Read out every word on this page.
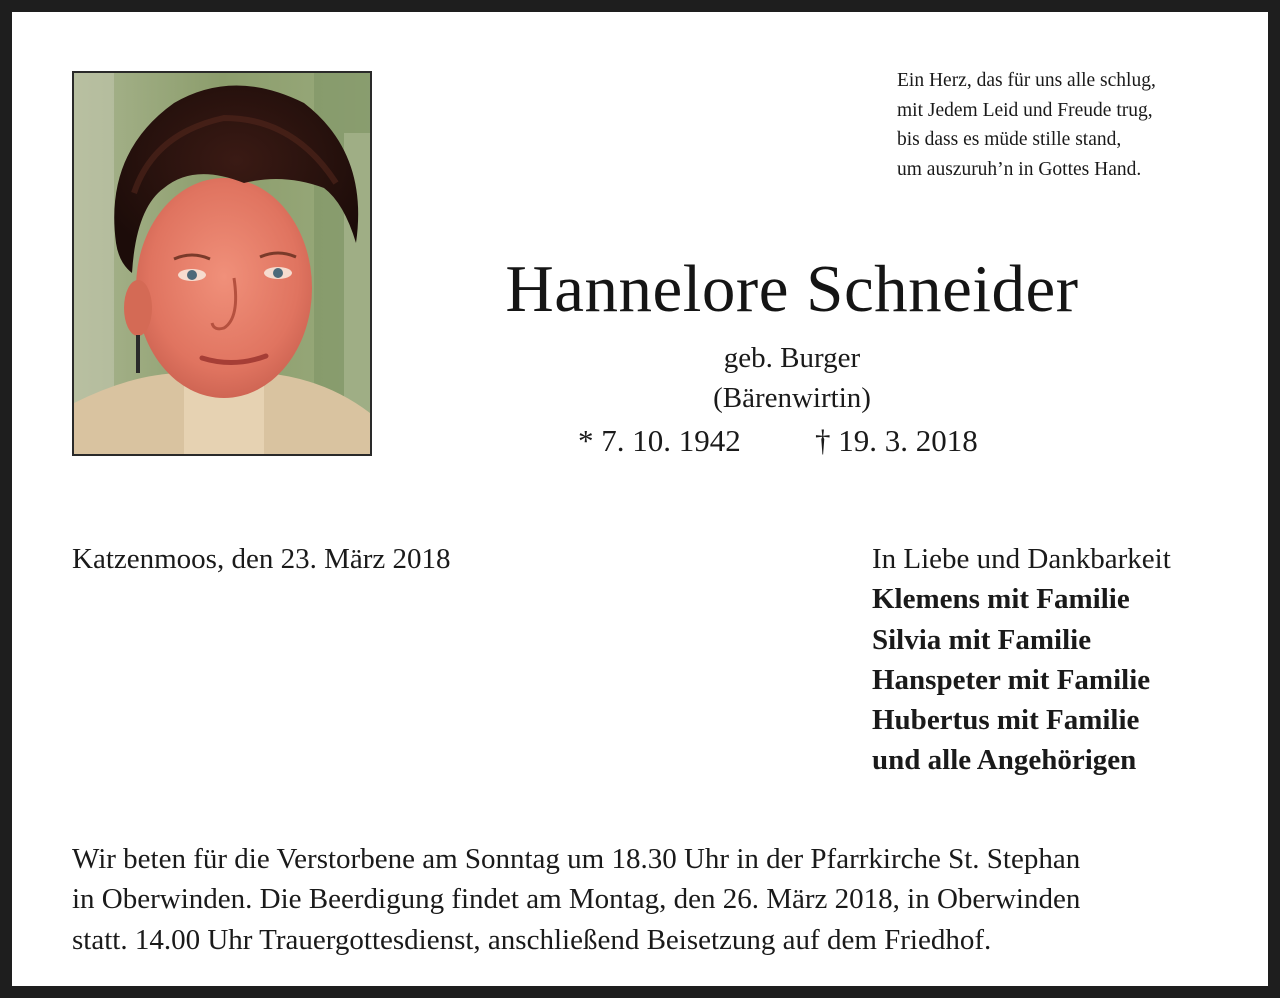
Ein Herz, das für uns alle schlug,
mit Jedem Leid und Freude trug,
bis dass es müde stille stand,
um auszuruh’n in Gottes Hand.
Hannelore Schneider
geb. Burger
(Bärenwirtin)
* 7. 10. 1942 † 19. 3. 2018
Katzenmoos, den 23. März 2018	In Liebe und Dankbarkeit
Klemens mit Familie
Silvia mit Familie
Hanspeter mit Familie
Hubertus mit Familie
und alle Angehörigen
Wir beten für die Verstorbene am Sonntag um 18.30 Uhr in der Pfarrkirche St. Stephan
in Oberwinden. Die Beerdigung findet am Montag, den 26. März 2018, in Oberwinden
statt. 14.00 Uhr Trauergottesdienst, anschließend Beisetzung auf dem Friedhof.
